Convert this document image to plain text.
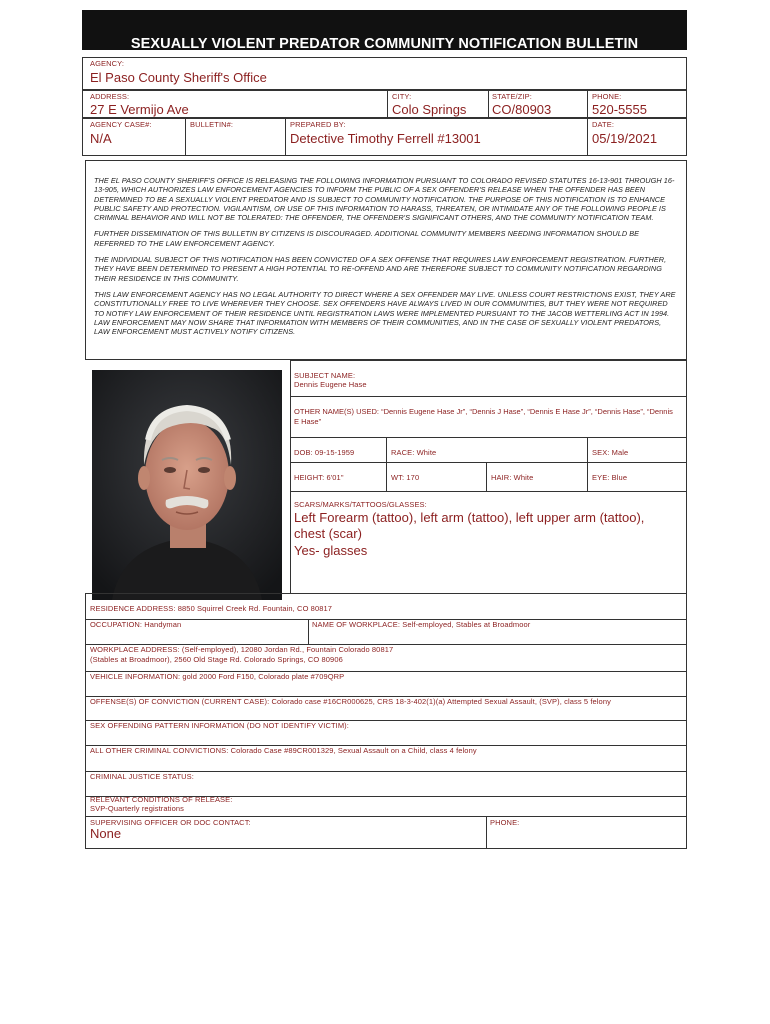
SEXUALLY VIOLENT PREDATOR COMMUNITY NOTIFICATION BULLETIN
AGENCY:
El Paso County Sheriff's Office
ADDRESS:
27 E Vermijo Ave
CITY:
Colo Springs
STATE/ZIP:
CO/80903
PHONE:
520-5555
AGENCY CASE#:
N/A
BULLETIN#:	PREPARED BY:
Detective Timothy Ferrell #13001
DATE:
05/19/2021

THE EL PASO COUNTY SHERIFF'S OFFICE IS RELEASING THE FOLLOWING INFORMATION PURSUANT TO COLORADO REVISED STATUTES 16-13-901 THROUGH 16-13-905, WHICH AUTHORIZES LAW ENFORCEMENT AGENCIES TO INFORM THE PUBLIC OF A SEX OFFENDER'S RELEASE WHEN THE OFFENDER HAS BEEN DETERMINED TO BE A SEXUALLY VIOLENT PREDATOR AND IS SUBJECT TO COMMUNITY NOTIFICATION. THE PURPOSE OF THIS NOTIFICATION IS TO ENHANCE PUBLIC SAFETY AND PROTECTION. VIGILANTISM, OR USE OF THIS INFORMATION TO HARASS, THREATEN, OR INTIMIDATE ANY OF THE FOLLOWING PEOPLE IS CRIMINAL BEHAVIOR AND WILL NOT BE TOLERATED: THE OFFENDER, THE OFFENDER'S SIGNIFICANT OTHERS, AND THE COMMUNITY NOTIFICATION TEAM.

FURTHER DISSEMINATION OF THIS BULLETIN BY CITIZENS IS DISCOURAGED. ADDITIONAL COMMUNITY MEMBERS NEEDING INFORMATION SHOULD BE REFERRED TO THE LAW ENFORCEMENT AGENCY.

THE INDIVIDUAL SUBJECT OF THIS NOTIFICATION HAS BEEN CONVICTED OF A SEX OFFENSE THAT REQUIRES LAW ENFORCEMENT REGISTRATION. FURTHER, THEY HAVE BEEN DETERMINED TO PRESENT A HIGH POTENTIAL TO RE-OFFEND AND ARE THEREFORE SUBJECT TO COMMUNITY NOTIFICATION REGARDING THEIR RESIDENCE IN THIS COMMUNITY.

THIS LAW ENFORCEMENT AGENCY HAS NO LEGAL AUTHORITY TO DIRECT WHERE A SEX OFFENDER MAY LIVE. UNLESS COURT RESTRICTIONS EXIST, THEY ARE CONSTITUTIONALLY FREE TO LIVE WHEREVER THEY CHOOSE. SEX OFFENDERS HAVE ALWAYS LIVED IN OUR COMMUNITIES, BUT THEY WERE NOT REQUIRED TO NOTIFY LAW ENFORCEMENT OF THEIR RESIDENCE UNTIL REGISTRATION LAWS WERE IMPLEMENTED PURSUANT TO THE JACOB WETTERLING ACT IN 1994. LAW ENFORCEMENT MAY NOW SHARE THAT INFORMATION WITH MEMBERS OF THEIR COMMUNITIES, AND IN THE CASE OF SEXUALLY VIOLENT PREDATORS, LAW ENFORCEMENT MUST ACTIVELY NOTIFY CITIZENS.

SUBJECT NAME:
Dennis Eugene Hase
OTHER NAME(S) USED: “Dennis Eugene Hase Jr”, “Dennis J Hase”, “Dennis E Hase Jr”, “Dennis Hase”, “Dennis E Hase”
DOB: 09-15-1959	RACE: White	SEX: Male
HEIGHT: 6'01"	WT: 170	HAIR: White	EYE: Blue
SCARS/MARKS/TATTOOS/GLASSES:
Left Forearm (tattoo), left arm (tattoo), left upper arm (tattoo), chest (scar)
Yes- glasses
RESIDENCE ADDRESS: 8850 Squirrel Creek Rd. Fountain, CO 80817
OCCUPATION: Handyman	NAME OF WORKPLACE: Self-employed, Stables at Broadmoor
WORKPLACE ADDRESS: (Self-employed), 12080 Jordan Rd., Fountain Colorado 80817
(Stables at Broadmoor), 2560 Old Stage Rd. Colorado Springs, CO 80906
VEHICLE INFORMATION: gold 2000 Ford F150, Colorado plate #709QRP
OFFENSE(S) OF CONVICTION (CURRENT CASE): Colorado case #16CR000625, CRS 18-3-402(1)(a) Attempted Sexual Assault, (SVP), class 5 felony
SEX OFFENDING PATTERN INFORMATION (DO NOT IDENTIFY VICTIM):
ALL OTHER CRIMINAL CONVICTIONS: Colorado Case #89CR001329, Sexual Assault on a Child, class 4 felony
CRIMINAL JUSTICE STATUS:
RELEVANT CONDITIONS OF RELEASE:
SVP-Quarterly registrations
SUPERVISING OFFICER OR DOC CONTACT:
None
PHONE:
